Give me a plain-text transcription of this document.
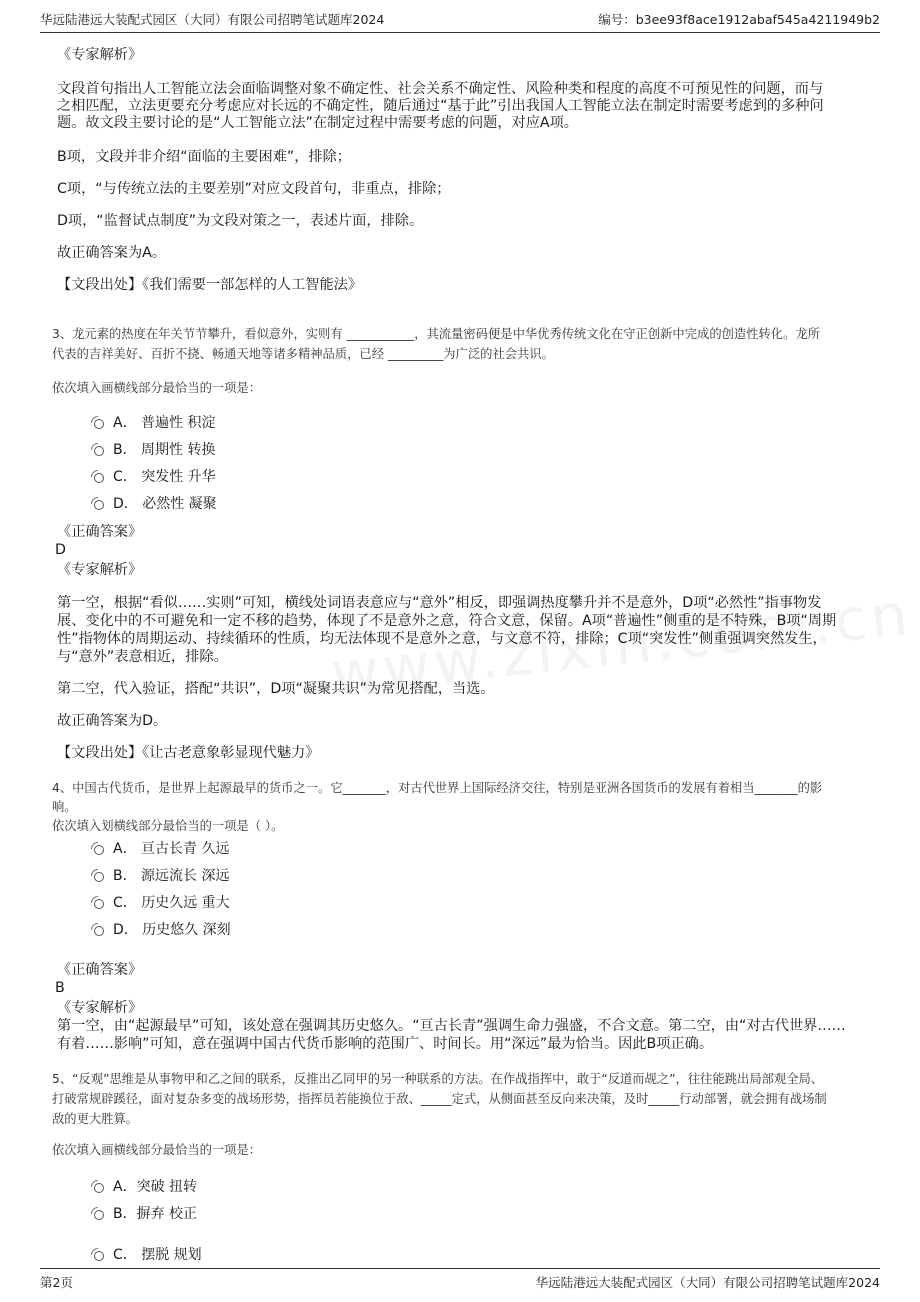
华远陆港远大装配式园区（大同）有限公司招聘笔试题库2024	编号：b3ee93f8ace1912abaf545a4211949b2
《专家解析》
文段首句指出人工智能立法会面临调整对象不确定性、社会关系不确定性、风险种类和程度的高度不可预见性的问题，而与
之相匹配，立法更要充分考虑应对长远的不确定性，随后通过“基于此”引出我国人工智能立法在制定时需要考虑到的多种问
题。故文段主要讨论的是“人工智能立法”在制定过程中需要考虑的问题，对应A项。
B项，文段并非介绍“面临的主要困难”，排除；
C项，“与传统立法的主要差别”对应文段首句，非重点，排除；
D项，“监督试点制度”为文段对策之一，表述片面，排除。
故正确答案为A。
【文段出处】《我们需要一部怎样的人工智能法》
3、龙元素的热度在年关节节攀升，看似意外，实则有 ___________，其流量密码便是中华优秀传统文化在守正创新中完成的创造性转化。龙所
代表的吉祥美好、百折不挠、畅通天地等诸多精神品质，已经 _________为广泛的社会共识。
依次填入画横线部分最恰当的一项是：
A． 普遍性 积淀
B． 周期性 转换
C． 突发性 升华
D． 必然性 凝聚
《正确答案》
D
《专家解析》
第一空，根据“看似……实则”可知，横线处词语表意应与“意外”相反，即强调热度攀升并不是意外，D项“必然性”指事物发
展、变化中的不可避免和一定不移的趋势，体现了不是意外之意，符合文意，保留。A项“普遍性”侧重的是不特殊，B项“周期
性”指物体的周期运动、持续循环的性质，均无法体现不是意外之意，与文意不符，排除；C项“突发性”侧重强调突然发生，
与“意外”表意相近，排除。
第二空，代入验证，搭配“共识”，D项“凝聚共识”为常见搭配，当选。
故正确答案为D。
【文段出处】《让古老意象彰显现代魅力》
4、中国古代货币，是世界上起源最早的货币之一。它_______，对古代世界上国际经济交往，特别是亚洲各国货币的发展有着相当_______的影
响。
依次填入划横线部分最恰当的一项是（ ）。
A． 亘古长青 久远
B． 源远流长 深远
C． 历史久远 重大
D． 历史悠久 深刻
《正确答案》
B
《专家解析》
第一空，由“起源最早”可知，该处意在强调其历史悠久。“亘古长青”强调生命力强盛，不合文意。第二空，由“对古代世界……
有着……影响”可知，意在强调中国古代货币影响的范围广、时间长。用“深远”最为恰当。因此B项正确。
5、“反观”思维是从事物甲和乙之间的联系，反推出乙同甲的另一种联系的方法。在作战指挥中，敢于“反道而觇之”，往往能跳出局部观全局、
打破常规辟蹊径，面对复杂多变的战场形势，指挥员若能换位于敌、_____定式，从侧面甚至反向来决策，及时_____行动部署，就会拥有战场制
敌的更大胜算。
依次填入画横线部分最恰当的一项是：
A．突破 扭转
B．摒弃 校正
C． 摆脱 规划
第2页	华远陆港远大装配式园区（大同）有限公司招聘笔试题库2024
